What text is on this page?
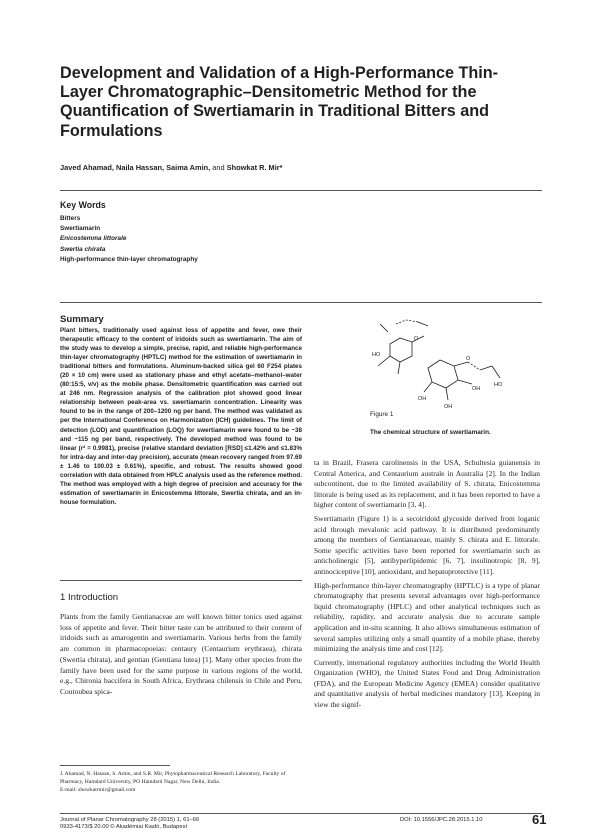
Development and Validation of a High-Performance Thin-Layer Chromatographic–Densitometric Method for the Quantification of Swertiamarin in Traditional Bitters and Formulations
Javed Ahamad, Naila Hassan, Saima Amin, and Showkat R. Mir*
Key Words
Bitters
Swertiamarin
Enicostemma littorale
Swertia chirata
High-performance thin-layer chromatography
Summary
Plant bitters, traditionally used against loss of appetite and fever, owe their therapeutic efficacy to the content of iridoids such as swertiamarin. The aim of the study was to develop a simple, precise, rapid, and reliable high-performance thin-layer chromatography (HPTLC) method for the estimation of swertiamarin in traditional bitters and formulations. Aluminum-backed silica gel 60 F254 plates (20 × 10 cm) were used as stationary phase and ethyl acetate–methanol–water (80:15:5, v/v) as the mobile phase. Densitometric quantification was carried out at 246 nm. Regression analysis of the calibration plot showed good linear relationship between peak-area vs. swertiamarin concentration. Linearity was found to be in the range of 200–1200 ng per band. The method was validated as per the International Conference on Harmonization (ICH) guidelines. The limit of detection (LOD) and quantification (LOQ) for swertiamarin were found to be ~38 and ~115 ng per band, respectively. The developed method was found to be linear (r² = 0.9981), precise (relative standard deviation [RSD] ≤1.42% and ≤1.83% for intra-day and inter-day precision), accurate (mean recovery ranged from 97.69 ± 1.46 to 100.03 ± 0.61%), specific, and robust. The results showed good correlation with data obtained from HPLC analysis used as the reference method. The method was employed with a high degree of precision and accuracy for the estimation of swertiamarin in Enicostemma littorale, Swertia chirata, and an in-house formulation.
HO
O
O
OH
OH
OH
HO
Figure 1
The chemical structure of swertiamarin.
1 Introduction
Plants from the family Gentianaceae are well known bitter tonics used against loss of appetite and fever. Their bitter taste can be attributed to their content of iridoids such as amarogentin and swertiamarin. Various herbs from the family are common in pharmacopoeias: centaury (Centaurium erythraea), chirata (Swertia chirata), and gentian (Gentiana lutea) [1]. Many other species from the family have been used for the same purpose in various regions of the world, e.g., Chironia baccifera in South Africa, Erythraea chilensis in Chile and Peru, Coutoubea spica-

ta in Brazil, Frasera carolinensis in the USA, Schultesia guianensis in Central America, and Centaurium australe in Australia [2]. In the Indian subcontinent, due to the limited availability of S. chirata, Enicostemma littorale is being used as its replacement, and it has been reported to have a higher content of swertiamarin [3, 4].

Swertiamarin (Figure 1) is a secoiridoid glycoside derived from loganic acid through mevalonic acid pathway. It is distributed predominantly among the members of Gentianaceae, mainly S. chirata and E. littorale. Some specific activities have been reported for swertiamarin such as anticholinergic [5], antihyperlipidemic [6, 7], insulinotropic [8, 9], antinociceptive [10], antioxidant, and hepatoprotective [11].

High-performance thin-layer chromatography (HPTLC) is a type of planar chromatography that presents several advantages over high-performance liquid chromatography (HPLC) and other analytical techniques such as reliability, rapidity, and accurate analysis due to accurate sample application and in-situ scanning. It also allows simultaneous estimation of several samples utilizing only a small quantity of a mobile phase, thereby minimizing the analysis time and cost [12].

Currently, international regulatory authorities including the World Health Organization (WHO), the United States Food and Drug Administration (FDA), and the European Medicine Agency (EMEA) consider qualitative and quantitative analysis of herbal medicines mandatory [13]. Keeping in view the signif-

J. Ahamad, N. Hassan, S. Amin, and S.R. Mir, Phytopharmaceutical Research Laboratory, Faculty of Pharmacy, Hamdard University, PO Hamdard Nagar, New Delhi, India.
E-mail: showkatrmir@gmail.com
Journal of Planar Chromatography 28 (2015) 1, 61–66
0933-4173/$ 20.00 © Akadémiai Kiadó, Budapest
DOI: 10.1556/JPC.28.2015.1.10	61
